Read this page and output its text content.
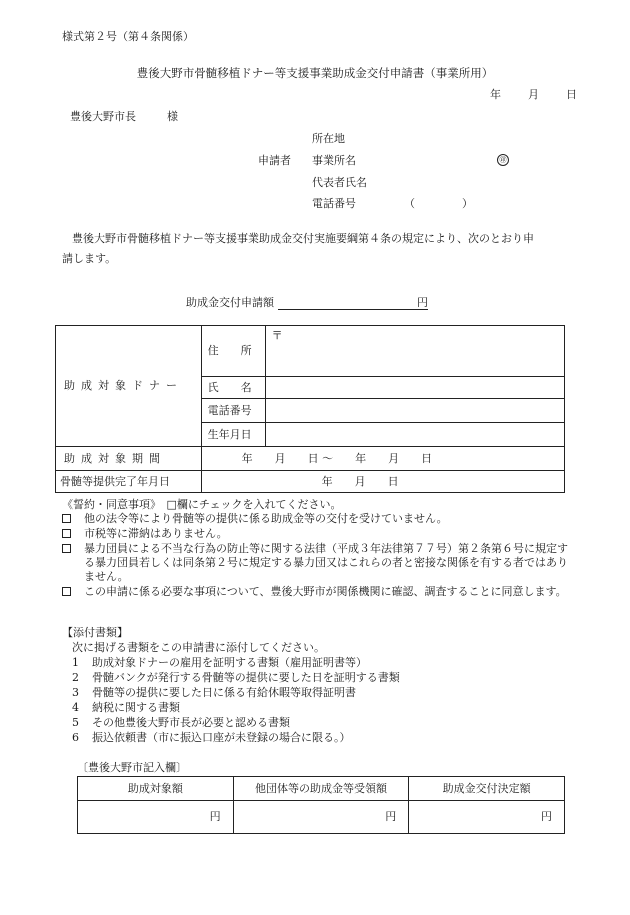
様式第２号（第４条関係）
豊後大野市骨髄移植ドナー等支援事業助成金交付申請書（事業所用）
年 月 日
豊後大野市長	様
所在地
申請者 事業所名	㊞
代表者氏名
電話番号	（	）
豊後大野市骨髄移植ドナー等支援事業助成金交付実施要綱第４条の規定により、次のとおり申
請します。
助成金交付申請額	円
助成対象ドナー	住　　所	〒
	氏　　名	
	電話番号	
	生年月日	
助成対象期間	年　　月　　日 ～　　年　　月　　日	
骨髄等提供完了年月日	年　　月　　日	
《誓約・同意事項》　□欄にチェックを入れてください。
他の法令等により骨髄等の提供に係る助成金等の交付を受けていません。
市税等に滞納はありません。
暴力団員による不当な行為の防止等に関する法律（平成３年法律第７７号）第２条第６号に規定する暴力団員若しくは同条第２号に規定する暴力団又はこれらの者と密接な関係を有する者ではありません。
この申請に係る必要な事項について、豊後大野市が関係機関に確認、調査することに同意します。
【添付書類】
次に掲げる書類をこの申請書に添付してください。
1 助成対象ドナーの雇用を証明する書類（雇用証明書等）
2 骨髄バンクが発行する骨髄等の提供に要した日を証明する書類
3 骨髄等の提供に要した日に係る有給休暇等取得証明書
4 納税に関する書類
5 その他豊後大野市長が必要と認める書類
6 振込依頼書（市に振込口座が未登録の場合に限る。）
〔豊後大野市記入欄〕
助成対象額	他団体等の助成金等受領額	助成金交付決定額
円	円	円
